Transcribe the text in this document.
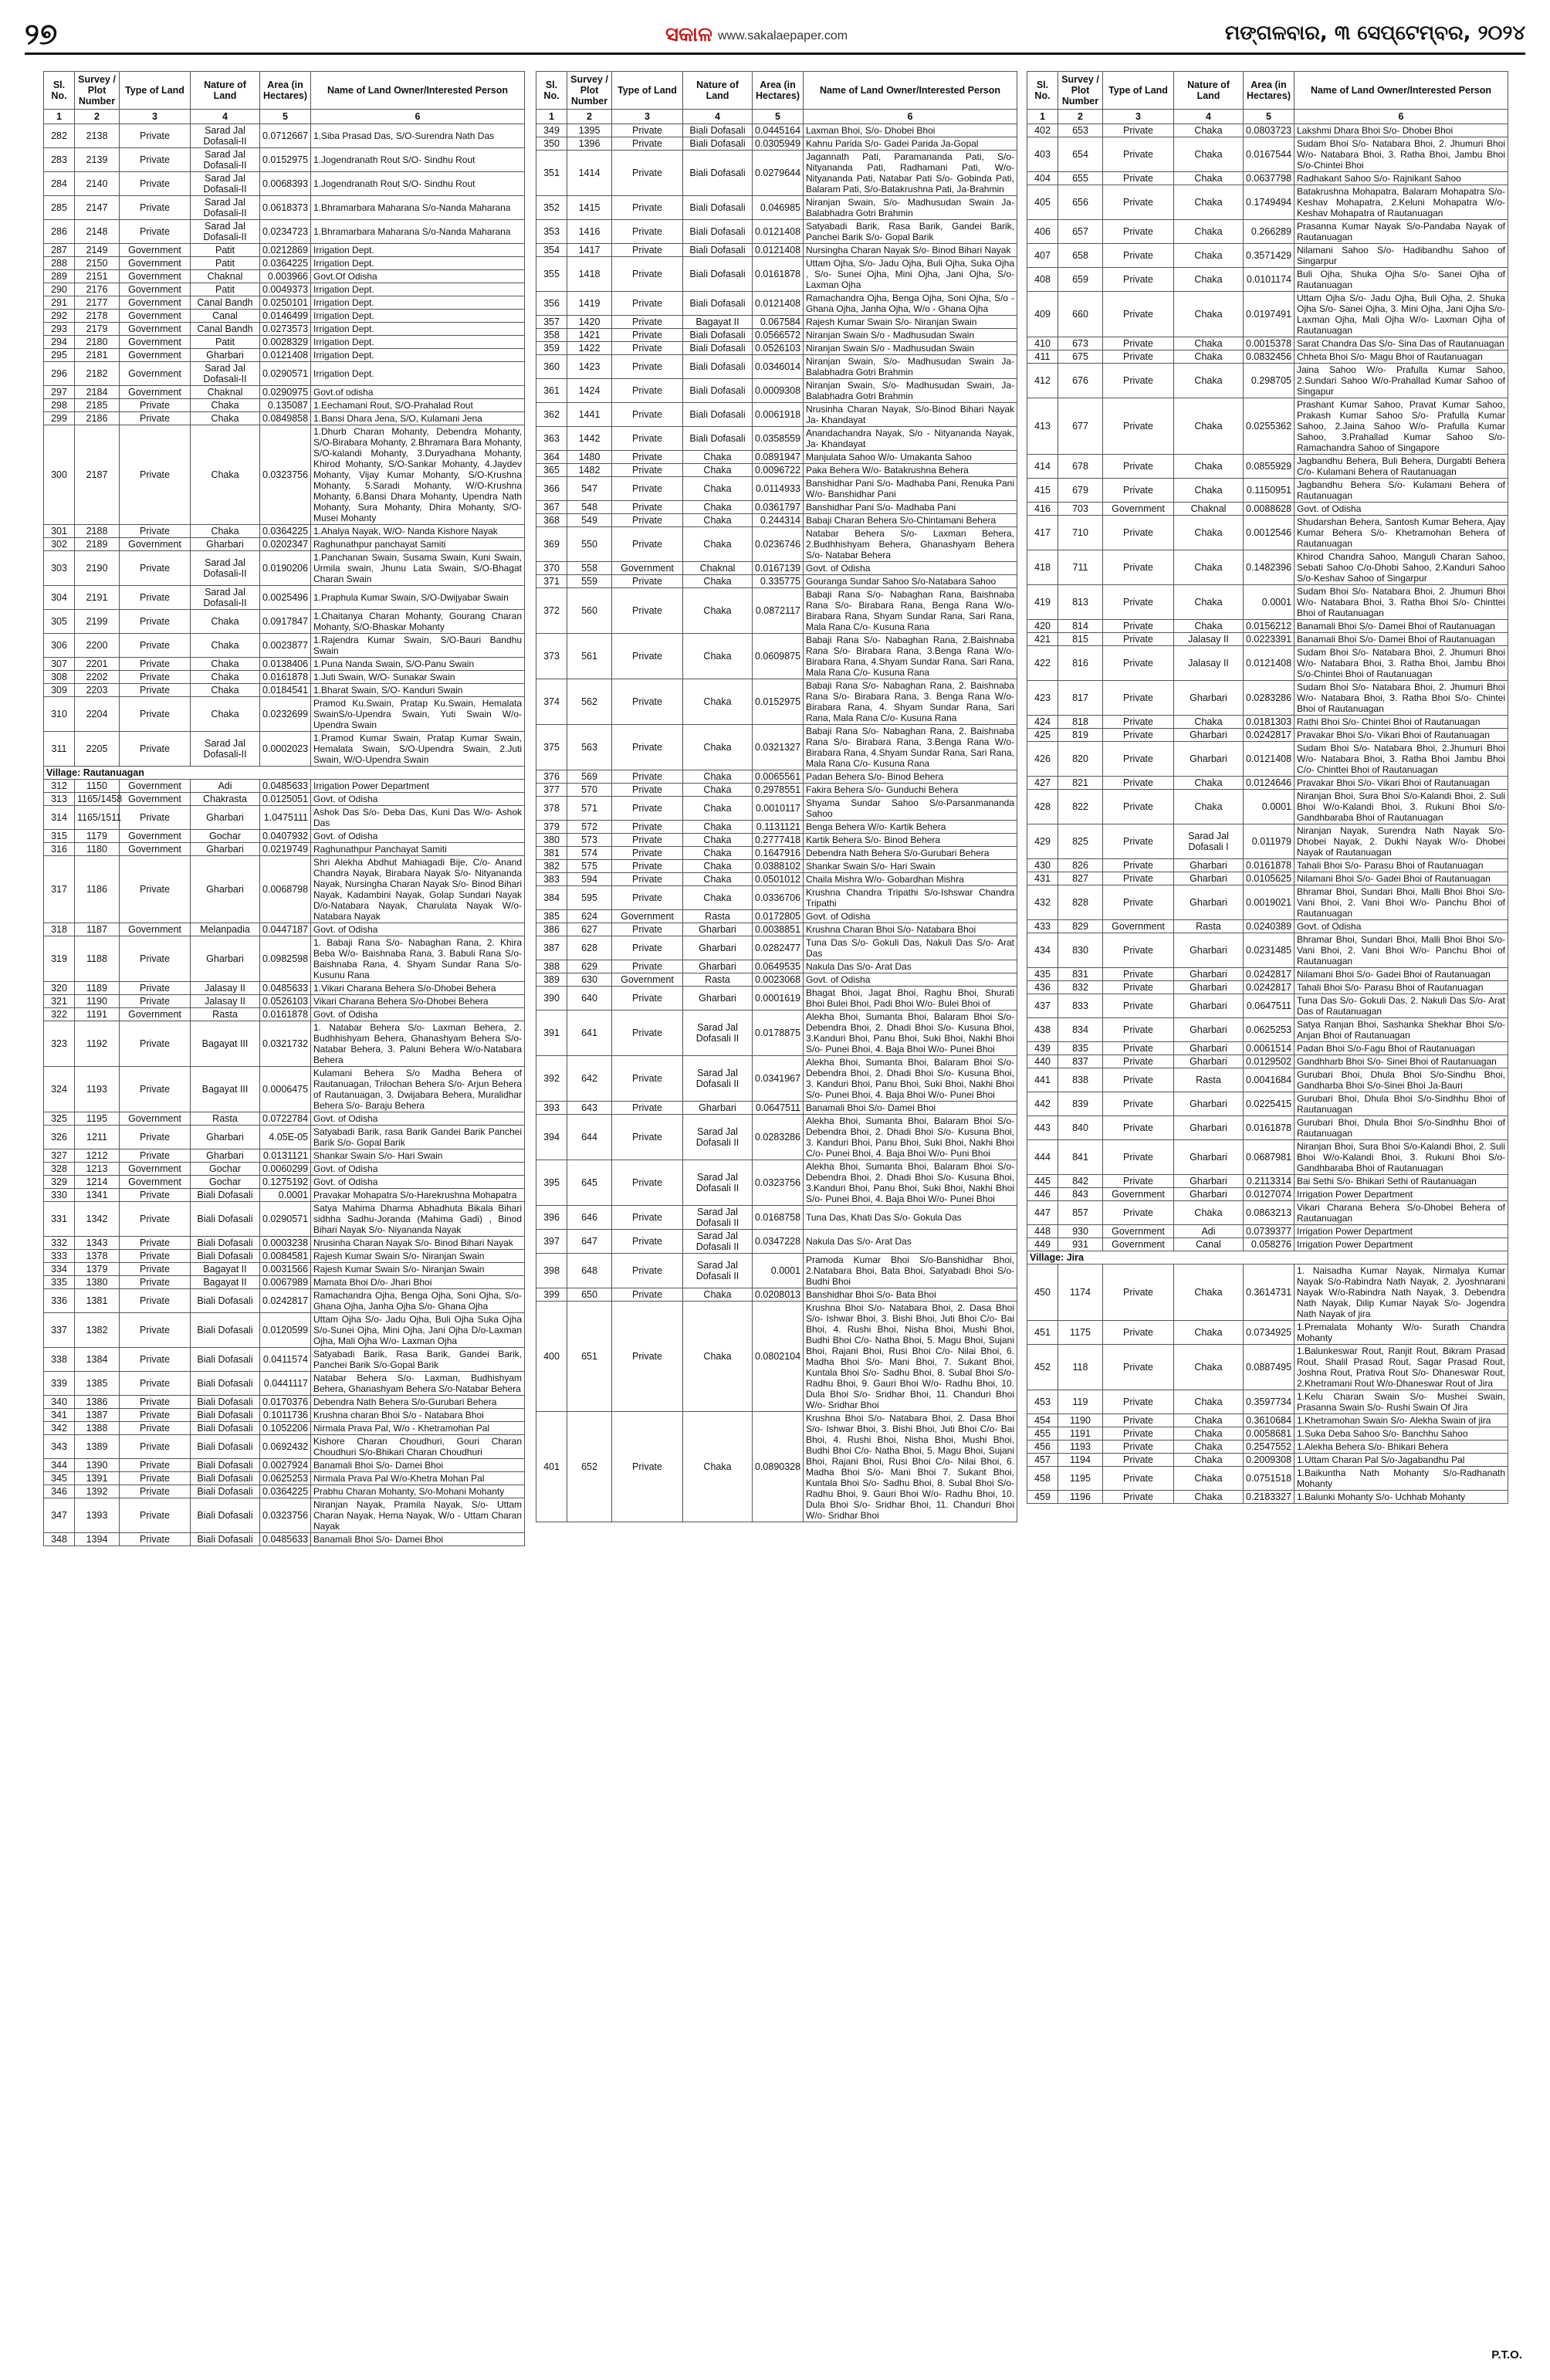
୨୭	ସକାଳ www.sakalaepaper.com	ମଙ୍ଗଳବାର, ୩ ସେପ୍ଟେମ୍ବର, ୨୦୨୪
Sl. No.	Survey / Plot Number	Type of Land	Nature of Land	Area (in Hectares)	Name of Land Owner/Interested Person
1	2	3	4	5	6
282	2138	Private	Sarad Jal Dofasali-II	0.0712667	1.Siba Prasad Das, S/O-Surendra Nath Das
283	2139	Private	Sarad Jal Dofasali-II	0.0152975	1.Jogendranath Rout S/O- Sindhu Rout
284	2140	Private	Sarad Jal Dofasali-II	0.0068393	1.Jogendranath Rout S/O- Sindhu Rout
285	2147	Private	Sarad Jal Dofasali-II	0.0618373	1.Bhramarbara Maharana S/o-Nanda Maharana
286	2148	Private	Sarad Jal Dofasali-II	0.0234723	1.Bhramarbara Maharana S/o-Nanda Maharana
287	2149	Government	Patit	0.0212869	Irrigation Dept.
288	2150	Government	Patit	0.0364225	Irrigation Dept.
289	2151	Government	Chaknal	0.003966	Govt.Of Odisha
290	2176	Government	Patit	0.0049373	Irrigation Dept.
291	2177	Government	Canal Bandh	0.0250101	Irrigation Dept.
292	2178	Government	Canal	0.0146499	Irrigation Dept.
293	2179	Government	Canal Bandh	0.0273573	Irrigation Dept.
294	2180	Government	Patit	0.0028329	Irrigation Dept.
295	2181	Government	Gharbari	0.0121408	Irrigation Dept.
296	2182	Government	Sarad Jal Dofasali-II	0.0290571	Irrigation Dept.
297	2184	Government	Chaknal	0.0290975	Govt.of odisha
298	2185	Private	Chaka	0.135087	1.Eechamani Rout, S/O-Prahalad Rout
299	2186	Private	Chaka	0.0849858	1.Bansi Dhara Jena, S/O, Kulamani Jena
300	2187	Private	Chaka	0.0323756	1.Dhurb Charan Mohanty, Debendra Mohanty, S/O-Birabara Mohanty, 2.Bhramara Bara Mohanty, S/O-kalandi Mohanty, 3.Duryadhana Mohanty, Khirod Mohanty, S/O-Sankar Mohanty, 4.Jaydev Mohanty, Vijay Kumar Mohanty, S/O-Krushna Mohanty, 5.Saradi Mohanty, W/O-Krushna Mohanty, 6.Bansi Dhara Mohanty, Upendra Nath Mohanty, Sura Mohanty, Dhira Mohanty, S/O-Musei Mohanty
301	2188	Private	Chaka	0.0364225	1.Ahalya Nayak, W/O- Nanda Kishore Nayak
302	2189	Government	Gharbari	0.0202347	Raghunathpur panchayat Samiti
303	2190	Private	Sarad Jal Dofasali-II	0.0190206	1.Panchanan Swain, Susama Swain, Kuni Swain, Urmila swain, Jhunu Lata Swain, S/O-Bhagat Charan Swain
304	2191	Private	Sarad Jal Dofasali-II	0.0025496	1.Praphula Kumar Swain, S/O-Dwijyabar Swain
305	2199	Private	Chaka	0.0917847	1.Chaitanya Charan Mohanty, Gourang Charan Mohanty, S/O-Bhaskar Mohanty
306	2200	Private	Chaka	0.0023877	1.Rajendra Kumar Swain, S/O-Bauri Bandhu Swain
307	2201	Private	Chaka	0.0138406	1.Puna Nanda Swain, S/O-Panu Swain
308	2202	Private	Chaka	0.0161878	1.Juti Swain, W/O- Sunakar Swain
309	2203	Private	Chaka	0.0184541	1.Bharat Swain, S/O- Kanduri Swain
310	2204	Private	Chaka	0.0232699	Pramod Ku.Swain, Pratap Ku.Swain, Hemalata SwainS/o-Upendra Swain, Yuti Swain W/o-Upendra Swain
311	2205	Private	Sarad Jal Dofasali-II	0.0002023	1.Pramod Kumar Swain, Pratap Kumar Swain, Hemalata Swain, S/O-Upendra Swain, 2.Juti Swain, W/O-Upendra Swain
Village: Rautanuagan					
312	1150	Government	Adi	0.0485633	Irrigation Power Department
313	1165/1458	Government	Chakrasta	0.0125051	Govt. of Odisha
314	1165/1511	Private	Gharbari	1.0475111	Ashok Das S/o- Deba Das, Kuni Das W/o- Ashok Das
315	1179	Government	Gochar	0.0407932	Govt. of Odisha
316	1180	Government	Gharbari	0.0219749	Raghunathpur Panchayat Samiti
317	1186	Private	Gharbari	0.0068798	Shri Alekha Abdhut Mahiagadi Bije, C/o- Anand Chandra Nayak, Birabara Nayak S/o- Nityananda Nayak, Nursingha Charan Nayak S/o- Binod Bihari Nayak, Kadambini Nayak, Golap Sundari Nayak D/o-Natabara Nayak, Charulata Nayak W/o- Natabara Nayak
318	1187	Government	Melanpadia	0.0447187	Govt. of Odisha
319	1188	Private	Gharbari	0.0982598	1. Babaji Rana S/o- Nabaghan Rana, 2. Khira Beba W/o- Baishnaba Rana, 3. Babuli Rana S/o- Baishnaba Rana, 4. Shyam Sundar Rana S/o- Kusunu Rana
320	1189	Private	Jalasay II	0.0485633	1.Vikari Charana Behera S/o-Dhobei Behera
321	1190	Private	Jalasay II	0.0526103	Vikari Charana Behera S/o-Dhobei Behera
322	1191	Government	Rasta	0.0161878	Govt. of Odisha
323	1192	Private	Bagayat III	0.0321732	1. Natabar Behera S/o- Laxman Behera, 2. Budhhishyam Behera, Ghanashyam Behera S/o- Natabar Behera, 3. Paluni Behera W/o-Natabara Behera
324	1193	Private	Bagayat III	0.0006475	Kulamani Behera S/o Madha Behera of Rautanuagan, Trilochan Behera S/o- Arjun Behera of Rautanuagan, 3. Dwijabara Behera, Muralidhar Behera S/o- Baraju Behera
325	1195	Government	Rasta	0.0722784	Govt. of Odisha
326	1211	Private	Gharbari	4.05E-05	Satyabadi Barik, rasa Barik Gandei Barik Panchei Barik S/o- Gopal Barik
327	1212	Private	Gharbari	0.0131121	Shankar Swain S/o- Hari Swain
328	1213	Government	Gochar	0.0060299	Govt. of Odisha
329	1214	Government	Gochar	0.1275192	Govt. of Odisha
330	1341	Private	Biali Dofasali	0.0001	Pravakar Mohapatra S/o-Harekrushna Mohapatra
331	1342	Private	Biali Dofasali	0.0290571	Satya Mahima Dharma Abhadhuta Bikala Bihari sidhha Sadhu-Joranda (Mahima Gadi) , Binod Bihari Nayak S/o- Niyananda Nayak
332	1343	Private	Biali Dofasali	0.0003238	Nrusinha Charan Nayak S/o- Binod Bihari Nayak
333	1378	Private	Biali Dofasali	0.0084581	Rajesh Kumar Swain S/o- Niranjan Swain
334	1379	Private	Bagayat II	0.0031566	Rajesh Kumar Swain S/o- Niranjan Swain
335	1380	Private	Bagayat II	0.0067989	Mamata Bhoi D/o- Jhari Bhoi
336	1381	Private	Biali Dofasali	0.0242817	Ramachandra Ojha, Benga Ojha, Soni Ojha, S/o-Ghana Ojha, Janha Ojha S/o- Ghana Ojha
337	1382	Private	Biali Dofasali	0.0120599	Uttam Ojha S/o- Jadu Ojha, Buli Ojha Suka Ojha S/o-Sunei Ojha, Mini Ojha, Jani Ojha D/o-Laxman Ojha, Mali Ojha W/o- Laxman Ojha
338	1384	Private	Biali Dofasali	0.0411574	Satyabadi Barik, Rasa Barik, Gandei Barik, Panchei Barik S/o-Gopal Barik
339	1385	Private	Biali Dofasali	0.0441117	Natabar Behera S/o- Laxman, Budhishyam Behera, Ghanashyam Behera S/o-Natabar Behera
340	1386	Private	Biali Dofasali	0.0170376	Debendra Nath Behera S/o-Gurubari Behera
341	1387	Private	Biali Dofasali	0.1011736	Krushna charan Bhoi S/o - Natabara Bhoi
342	1388	Private	Biali Dofasali	0.1052206	Nirmala Prava Pal, W/o - Khetramohan Pal
343	1389	Private	Biali Dofasali	0.0692432	Kishore Charan Choudhuri, Gouri Charan Choudhuri S/o-Bhikari Charan Choudhuri
344	1390	Private	Biali Dofasali	0.0027924	Banamali Bhoi S/o- Damei Bhoi
345	1391	Private	Biali Dofasali	0.0625253	Nirmala Prava Pal W/o-Khetra Mohan Pal
346	1392	Private	Biali Dofasali	0.0364225	Prabhu Charan Mohanty, S/o-Mohani Mohanty
347	1393	Private	Biali Dofasali	0.0323756	Niranjan Nayak, Pramila Nayak, S/o- Uttam Charan Nayak, Hema Nayak, W/o - Uttam Charan Nayak
348	1394	Private	Biali Dofasali	0.0485633	Banamali Bhoi S/o- Damei Bhoi
Sl. No.	Survey / Plot Number	Type of Land	Nature of Land	Area (in Hectares)	Name of Land Owner/Interested Person
1	2	3	4	5	6
349	1395	Private	Biali Dofasali	0.0445164	Laxman Bhoi, S/o- Dhobei Bhoi
350	1396	Private	Biali Dofasali	0.0305949	Kahnu Parida S/o- Gadei Parida Ja-Gopal
351	1414	Private	Biali Dofasali	0.0279644	Jagannath Pati, Paramananda Pati, S/o- Nityananda Pati, Radhamani Pati, W/o- Nityananda Pati, Natabar Pati S/o- Gobinda Pati, Balaram Pati, S/o-Batakrushna Pati, Ja-Brahmin
352	1415	Private	Biali Dofasali	0.046985	Niranjan Swain, S/o- Madhusudan Swain Ja-Balabhadra Gotri Brahmin
353	1416	Private	Biali Dofasali	0.0121408	Satyabadi Barik, Rasa Barik, Gandei Barik, Panchei Barik S/o- Gopal Barik
354	1417	Private	Biali Dofasali	0.0121408	Nursingha Charan Nayak S/o- Binod Bihari Nayak
355	1418	Private	Biali Dofasali	0.0161878	Uttam Ojha, S/o- Jadu Ojha, Buli Ojha, Suka Ojha , S/o- Sunei Ojha, Mini Ojha, Jani Ojha, S/o- Laxman Ojha
356	1419	Private	Biali Dofasali	0.0121408	Ramachandra Ojha, Benga Ojha, Soni Ojha, S/o - Ghana Ojha, Janha Ojha, W/o - Ghana Ojha
357	1420	Private	Bagayat II	0.067584	Rajesh Kumar Swain S/o- Niranjan Swain
358	1421	Private	Biali Dofasali	0.0566572	Niranjan Swain S/o - Madhusudan Swain
359	1422	Private	Biali Dofasali	0.0526103	Niranjan Swain S/o - Madhusudan Swain
360	1423	Private	Biali Dofasali	0.0346014	Niranjan Swain, S/o- Madhusudan Swain Ja-Balabhadra Gotri Brahmin
361	1424	Private	Biali Dofasali	0.0009308	Niranjan Swain, S/o- Madhusudan Swain, Ja-Balabhadra Gotri Brahmin
362	1441	Private	Biali Dofasali	0.0061918	Nrusinha Charan Nayak, S/o-Binod Bihari Nayak Ja- Khandayat
363	1442	Private	Biali Dofasali	0.0358559	Anandachandra Nayak, S/o - Nityananda Nayak, Ja- Khandayat
364	1480	Private	Chaka	0.0891947	Manjulata Sahoo W/o- Umakanta Sahoo
365	1482	Private	Chaka	0.0096722	Paka Behera W/o- Batakrushna Behera
366	547	Private	Chaka	0.0114933	Banshidhar Pani S/o- Madhaba Pani, Renuka Pani W/o- Banshidhar Pani
367	548	Private	Chaka	0.0361797	Banshidhar Pani S/o- Madhaba Pani
368	549	Private	Chaka	0.244314	Babaji Charan Behera S/o-Chintamani Behera
369	550	Private	Chaka	0.0236746	Natabar Behera S/o- Laxman Behera, 2.Budhhishyam Behera, Ghanashyam Behera S/o- Natabar Behera
370	558	Government	Chaknal	0.0167139	Govt. of Odisha
371	559	Private	Chaka	0.335775	Gouranga Sundar Sahoo S/o-Natabara Sahoo
372	560	Private	Chaka	0.0872117	Babaji Rana S/o- Nabaghan Rana, Baishnaba Rana S/o- Birabara Rana, Benga Rana W/o- Birabara Rana, Shyam Sundar Rana, Sari Rana, Mala Rana C/o- Kusuna Rana
373	561	Private	Chaka	0.0609875	Babaji Rana S/o- Nabaghan Rana, 2.Baishnaba Rana S/o- Birabara Rana, 3.Benga Rana W/o- Birabara Rana, 4.Shyam Sundar Rana, Sari Rana, Mala Rana C/o- Kusuna Rana
374	562	Private	Chaka	0.0152975	Babaji Rana S/o- Nabaghan Rana, 2. Baishnaba Rana S/o- Birabara Rana, 3. Benga Rana W/o- Birabara Rana, 4. Shyam Sundar Rana, Sari Rana, Mala Rana C/o- Kusuna Rana
375	563	Private	Chaka	0.0321327	Babaji Rana S/o- Nabaghan Rana, 2. Baishnaba Rana S/o- Birabara Rana, 3.Benga Rana W/o- Birabara Rana, 4.Shyam Sundar Rana, Sari Rana, Mala Rana C/o- Kusuna Rana
376	569	Private	Chaka	0.0065561	Padan Behera S/o- Binod Behera
377	570	Private	Chaka	0.2978551	Fakira Behera S/o- Gunduchi Behera
378	571	Private	Chaka	0.0010117	Shyama Sundar Sahoo S/o-Parsanmananda Sahoo
379	572	Private	Chaka	0.1131121	Benga Behera W/o- Kartik Behera
380	573	Private	Chaka	0.2777418	Kartik Behera S/o- Binod Behera
381	574	Private	Chaka	0.1647916	Debendra Nath Behera S/o-Gurubari Behera
382	575	Private	Chaka	0.0388102	Shankar Swain S/o- Hari Swain
383	594	Private	Chaka	0.0501012	Chaila Mishra W/o- Gobardhan Mishra
384	595	Private	Chaka	0.0336706	Krushna Chandra Tripathi S/o-Ishswar Chandra Tripathi
385	624	Government	Rasta	0.0172805	Govt. of Odisha
386	627	Private	Gharbari	0.0038851	Krushna Charan Bhoi S/o- Natabara Bhoi
387	628	Private	Gharbari	0.0282477	Tuna Das S/o- Gokuli Das, Nakuli Das S/o- Arat Das
388	629	Private	Gharbari	0.0649535	Nakula Das S/o- Arat Das
389	630	Government	Rasta	0.0023068	Govt. of Odisha
390	640	Private	Gharbari	0.0001619	Bhagat Bhoi, Jagat Bhoi, Raghu Bhoi, Shurati Bhoi Bulei Bhoi, Padi Bhoi W/o- Bulei Bhoi of
391	641	Private	Sarad Jal Dofasali II	0.0178875	Alekha Bhoi, Sumanta Bhoi, Balaram Bhoi S/o- Debendra Bhoi, 2. Dhadi Bhoi S/o- Kusuna Bhoi, 3.Kanduri Bhoi, Panu Bhoi, Suki Bhoi, Nakhi Bhoi S/o- Punei Bhoi, 4. Baja Bhoi W/o- Punei Bhoi
392	642	Private	Sarad Jal Dofasali II	0.0341967	Alekha Bhoi, Sumanta Bhoi, Balaram Bhoi S/o- Debendra Bhoi, 2. Dhadi Bhoi S/o- Kusuna Bhoi, 3. Kanduri Bhoi, Panu Bhoi, Suki Bhoi, Nakhi Bhoi S/o- Punei Bhoi, 4. Baja Bhoi W/o- Punei Bhoi
393	643	Private	Gharbari	0.0647511	Banamali Bhoi S/o- Damei Bhoi
394	644	Private	Sarad Jal Dofasali II	0.0283286	Alekha Bhoi, Sumanta Bhoi, Balaram Bhoi S/o- Debendra Bhoi, 2. Dhadi Bhoi S/o- Kusuna Bhoi, 3. Kanduri Bhoi, Panu Bhoi, Suki Bhoi, Nakhi Bhoi C/o- Punei Bhoi, 4. Baja Bhoi W/o- Puni Bhoi
395	645	Private	Sarad Jal Dofasali II	0.0323756	Alekha Bhoi, Sumanta Bhoi, Balaram Bhoi S/o- Debendra Bhoi, 2. Dhadi Bhoi S/o- Kusuna Bhoi, 3.Kanduri Bhoi, Panu Bhoi, Suki Bhoi, Nakhi Bhoi S/o- Punei Bhoi, 4. Baja Bhoi W/o- Punei Bhoi
396	646	Private	Sarad Jal Dofasali II	0.0168758	Tuna Das, Khati Das S/o- Gokula Das
397	647	Private	Sarad Jal Dofasali II	0.0347228	Nakula Das S/o- Arat Das
398	648	Private	Sarad Jal Dofasali II	0.0001	Pramoda Kumar Bhoi S/o-Banshidhar Bhoi, 2.Natabara Bhoi, Bata Bhoi, Satyabadi Bhoi S/o-Budhi Bhoi
399	650	Private	Chaka	0.0208013	Banshidhar Bhoi S/o- Bata Bhoi
400	651	Private	Chaka	0.0802104	Krushna Bhoi S/o- Natabara Bhoi, 2. Dasa Bhoi S/o- Ishwar Bhoi, 3. Bishi Bhoi, Juti Bhoi C/o- Bai Bhoi, 4. Rushi Bhoi, Nisha Bhoi, Mushi Bhoi, Budhi Bhoi C/o- Natha Bhoi, 5. Magu Bhoi, Sujani Bhoi, Rajani Bhoi, Rusi Bhoi C/o- Nilai Bhoi, 6. Madha Bhoi S/o- Mani Bhoi, 7. Sukant Bhoi, Kuntala Bhoi S/o- Sadhu Bhoi, 8. Subal Bhoi S/o- Radhu Bhoi, 9. Gauri Bhoi W/o- Radhu Bhoi, 10. Dula Bhoi S/o- Sridhar Bhoi, 11. Chanduri Bhoi W/o- Sridhar Bhoi
401	652	Private	Chaka	0.0890328	Krushna Bhoi S/o- Natabara Bhoi, 2. Dasa Bhoi S/o- Ishwar Bhoi, 3. Bishi Bhoi, Juti Bhoi C/o- Bai Bhoi, 4. Rushi Bhoi, Nisha Bhoi, Mushi Bhoi, Budhi Bhoi C/o- Natha Bhoi, 5. Magu Bhoi, Sujani Bhoi, Rajani Bhoi, Rusi Bhoi C/o- Nilai Bhoi, 6. Madha Bhoi S/o- Mani Bhoi 7. Sukant Bhoi, Kuntala Bhoi S/o- Sadhu Bhoi, 8. Subal Bhoi S/o- Radhu Bhoi, 9. Gauri Bhoi W/o- Radhu Bhoi, 10. Dula Bhoi S/o- Sridhar Bhoi, 11. Chanduri Bhoi W/o- Sridhar Bhoi
Sl. No.	Survey / Plot Number	Type of Land	Nature of Land	Area (in Hectares)	Name of Land Owner/Interested Person
1	2	3	4	5	6
402	653	Private	Chaka	0.0803723	Lakshmi Dhara Bhoi S/o- Dhobei Bhoi
403	654	Private	Chaka	0.0167544	Sudam Bhoi S/o- Natabara Bhoi, 2. Jhumuri Bhoi W/o- Natabara Bhoi, 3. Ratha Bhoi, Jambu Bhoi S/o-Chintei Bhoi
404	655	Private	Chaka	0.0637798	Radhakant Sahoo S/o- Rajnikant Sahoo
405	656	Private	Chaka	0.1749494	Batakrushna Mohapatra, Balaram Mohapatra S/o- Keshav Mohapatra, 2.Keluni Mohapatra W/o- Keshav Mohapatra of Rautanuagan
406	657	Private	Chaka	0.266289	Prasanna Kumar Nayak S/o-Pandaba Nayak of Rautanuagan
407	658	Private	Chaka	0.3571429	Nilamani Sahoo S/o- Hadibandhu Sahoo of Singarpur
408	659	Private	Chaka	0.0101174	Buli Ojha, Shuka Ojha S/o- Sanei Ojha of Rautanuagan
409	660	Private	Chaka	0.0197491	Uttam Ojha S/o- Jadu Ojha, Buli Ojha, 2. Shuka Ojha S/o- Sanei Ojha, 3. Mini Ojha, Jani Ojha S/o- Laxman Ojha, Mali Ojha W/o- Laxman Ojha of Rautanuagan
410	673	Private	Chaka	0.0015378	Sarat Chandra Das S/o- Sina Das of Rautanuagan
411	675	Private	Chaka	0.0832456	Chheta Bhoi S/o- Magu Bhoi of Rautanuagan
412	676	Private	Chaka	0.298705	Jaina Sahoo W/o- Prafulla Kumar Sahoo, 2.Sundari Sahoo W/o-Prahallad Kumar Sahoo of Singapur
413	677	Private	Chaka	0.0255362	Prashant Kumar Sahoo, Pravat Kumar Sahoo, Prakash Kumar Sahoo S/o- Prafulla Kumar Sahoo, 2.Jaina Sahoo W/o- Prafulla Kumar Sahoo, 3.Prahallad Kumar Sahoo S/o-Ramachandra Sahoo of Singapore
414	678	Private	Chaka	0.0855929	Jagbandhu Behera, Buli Behera, Durgabti Behera C/o- Kulamani Behera of Rautanuagan
415	679	Private	Chaka	0.1150951	Jagbandhu Behera S/o- Kulamani Behera of Rautanuagan
416	703	Government	Chaknal	0.0088628	Govt. of Odisha
417	710	Private	Chaka	0.0012546	Shudarshan Behera, Santosh Kumar Behera, Ajay Kumar Behera S/o- Khetramohan Behera of Rautanuagan
418	711	Private	Chaka	0.1482396	Khirod Chandra Sahoo, Manguli Charan Sahoo, Sebati Sahoo C/o-Dhobi Sahoo, 2.Kanduri Sahoo S/o-Keshav Sahoo of Singarpur
419	813	Private	Chaka	0.0001	Sudam Bhoi S/o- Natabara Bhoi, 2. Jhumuri Bhoi W/o- Natabara Bhoi, 3. Ratha Bhoi S/o- Chinttei Bhoi of Rautanuagan
420	814	Private	Chaka	0.0156212	Banamali Bhoi S/o- Damei Bhoi of Rautanuagan
421	815	Private	Jalasay II	0.0223391	Banamali Bhoi S/o- Damei Bhoi of Rautanuagan
422	816	Private	Jalasay II	0.0121408	Sudam Bhoi S/o- Natabara Bhoi, 2. Jhumuri Bhoi W/o- Natabara Bhoi, 3. Ratha Bhoi, Jambu Bhoi S/o-Chintei Bhoi of Rautanuagan
423	817	Private	Gharbari	0.0283286	Sudam Bhoi S/o- Natabara Bhoi, 2. Jhumuri Bhoi W/o- Natabara Bhoi, 3. Ratha Bhoi S/o- Chintei Bhoi of Rautanuagan
424	818	Private	Chaka	0.0181303	Rathi Bhoi S/o- Chintei Bhoi of Rautanuagan
425	819	Private	Gharbari	0.0242817	Pravakar Bhoi S/o- Vikari Bhoi of Rautanuagan
426	820	Private	Gharbari	0.0121408	Sudam Bhoi S/o- Natabara Bhoi, 2.Jhumuri Bhoi W/o- Natabara Bhoi, 3. Ratha Bhoi Jambu Bhoi C/o- Chinttei Bhoi of Rautanuagan
427	821	Private	Chaka	0.0124646	Pravakar Bhoi S/o- Vikari Bhoi of Rautanuagan
428	822	Private	Chaka	0.0001	Niranjan Bhoi, Sura Bhoi S/o-Kalandi Bhoi, 2. Suli Bhoi W/o-Kalandi Bhoi, 3. Rukuni Bhoi S/o- Gandhbaraba Bhoi of Rautanuagan
429	825	Private	Sarad Jal Dofasali I	0.011979	Niranjan Nayak, Surendra Nath Nayak S/o- Dhobei Nayak, 2. Dukhi Nayak W/o- Dhobei Nayak of Rautanuagan
430	826	Private	Gharbari	0.0161878	Tahali Bhoi S/o- Parasu Bhoi of Rautanuagan
431	827	Private	Gharbari	0.0105625	Nilamani Bhoi S/o- Gadei Bhoi of Rautanuagan
432	828	Private	Gharbari	0.0019021	Bhramar Bhoi, Sundari Bhoi, Malli Bhoi Bhoi S/o- Vani Bhoi, 2. Vani Bhoi W/o- Panchu Bhoi of Rautanuagan
433	829	Government	Rasta	0.0240389	Govt. of Odisha
434	830	Private	Gharbari	0.0231485	Bhramar Bhoi, Sundari Bhoi, Malli Bhoi Bhoi S/o- Vani Bhoi, 2. Vani Bhoi W/o- Panchu Bhoi of Rautanuagan
435	831	Private	Gharbari	0.0242817	Nilamani Bhoi S/o- Gadei Bhoi of Rautanuagan
436	832	Private	Gharbari	0.0242817	Tahali Bhoi S/o- Parasu Bhoi of Rautanuagan
437	833	Private	Gharbari	0.0647511	Tuna Das S/o- Gokuli Das, 2. Nakuli Das S/o- Arat Das of Rautanuagan
438	834	Private	Gharbari	0.0625253	Satya Ranjan Bhoi, Sashanka Shekhar Bhoi S/o- Anjan Bhoi of Rautanuagan
439	835	Private	Gharbari	0.0061514	Padan Bhoi S/o-Fagu Bhoi of Rautanuagan
440	837	Private	Gharbari	0.0129502	Gandhharb Bhoi S/o- Sinei Bhoi of Rautanuagan
441	838	Private	Rasta	0.0041684	Gurubari Bhoi, Dhula Bhoi S/o-Sindhu Bhoi, Gandharba Bhoi S/o-Sinei Bhoi Ja-Bauri
442	839	Private	Gharbari	0.0225415	Gurubari Bhoi, Dhula Bhoi S/o-Sindhhu Bhoi of Rautanuagan
443	840	Private	Gharbari	0.0161878	Gurubari Bhoi, Dhula Bhoi S/o-Sindhhu Bhoi of Rautanuagan
444	841	Private	Gharbari	0.0687981	Niranjan Bhoi, Sura Bhoi S/o-Kalandi Bhoi, 2. Suli Bhoi W/o-Kalandi Bhoi, 3. Rukuni Bhoi S/o-Gandhbaraba Bhoi of Rautanuagan
445	842	Private	Gharbari	0.2113314	Bai Sethi S/o- Bhikari Sethi of Rautanuagan
446	843	Government	Gharbari	0.0127074	Irrigation Power Department
447	857	Private	Chaka	0.0863213	Vikari Charana Behera S/o-Dhobei Behera of Rautanuagan
448	930	Government	Adi	0.0739377	Irrigation Power Department
449	931	Government	Canal	0.058276	Irrigation Power Department
Village: Jira					
450	1174	Private	Chaka	0.3614731	1. Naisadha Kumar Nayak, Nirmalya Kumar Nayak S/o-Rabindra Nath Nayak, 2. Jyoshnarani Nayak W/o-Rabindra Nath Nayak, 3. Debendra Nath Nayak, Dilip Kumar Nayak S/o- Jogendra Nath Nayak of jira
451	1175	Private	Chaka	0.0734925	1.Premalata Mohanty W/o- Surath Chandra Mohanty
452	118	Private	Chaka	0.0887495	1.Balunkeswar Rout, Ranjit Rout, Bikram Prasad Rout, Shalil Prasad Rout, Sagar Prasad Rout, Joshna Rout, Prativa Rout S/o- Dhaneswar Rout, 2.Khetramani Rout W/o-Dhaneswar Rout of Jira
453	119	Private	Chaka	0.3597734	1.Kelu Charan Swain S/o- Mushei Swain, Prasanna Swain S/o- Rushi Swain Of Jira
454	1190	Private	Chaka	0.3610684	1.Khetramohan Swain S/o- Alekha Swain of jira
455	1191	Private	Chaka	0.0058681	1.Suka Deba Sahoo S/o- Banchhu Sahoo
456	1193	Private	Chaka	0.2547552	1.Alekha Behera S/o- Bhikari Behera
457	1194	Private	Chaka	0.2009308	1.Uttam Charan Pal S/o-Jagabandhu Pal
458	1195	Private	Chaka	0.0751518	1.Baikuntha Nath Mohanty S/o-Radhanath Mohanty
459	1196	Private	Chaka	0.2183327	1.Balunki Mohanty S/o- Uchhab Mohanty
P.T.O.
